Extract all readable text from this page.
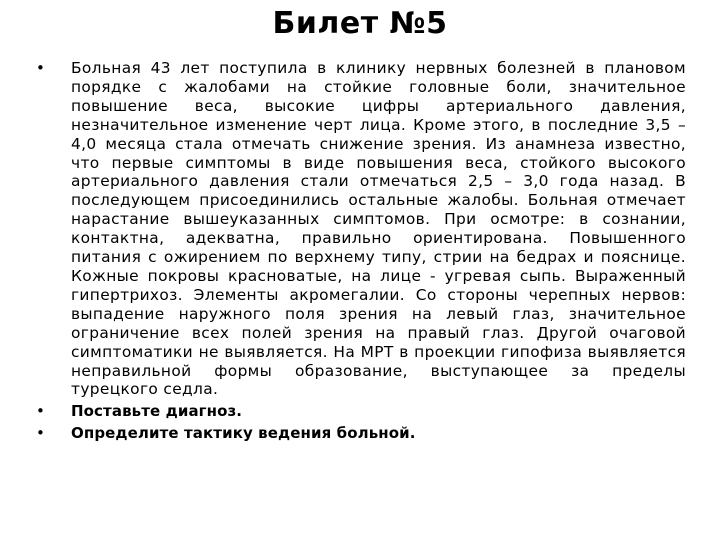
Билет №5
•	Больная 43 лет поступила в клинику нервных болезней в плановом порядке с жалобами на стойкие головные боли, значительное повышение веса, высокие цифры артериального давления, незначительное изменение черт лица. Кроме этого, в последние 3,5 – 4,0 месяца стала отмечать снижение зрения. Из анамнеза известно, что первые симптомы в виде повышения веса, стойкого высокого артериального давления стали отмечаться 2,5 – 3,0 года назад. В последующем присоединились остальные жалобы. Больная отмечает нарастание вышеуказанных симптомов. При осмотре: в сознании, контактна, адекватна, правильно ориентирована. Повышенного питания с ожирением по верхнему типу, стрии на бедрах и пояснице. Кожные покровы красноватые, на лице - угревая сыпь. Выраженный гипертрихоз. Элементы акромегалии. Со стороны черепных нервов: выпадение наружного поля зрения на левый глаз, значительное ограничение всех полей зрения на правый глаз. Другой очаговой симптоматики не выявляется. На МРТ в проекции гипофиза выявляется неправильной формы образование, выступающее за пределы турецкого седла.
•	Поставьте диагноз.
•	Определите тактику ведения больной.
